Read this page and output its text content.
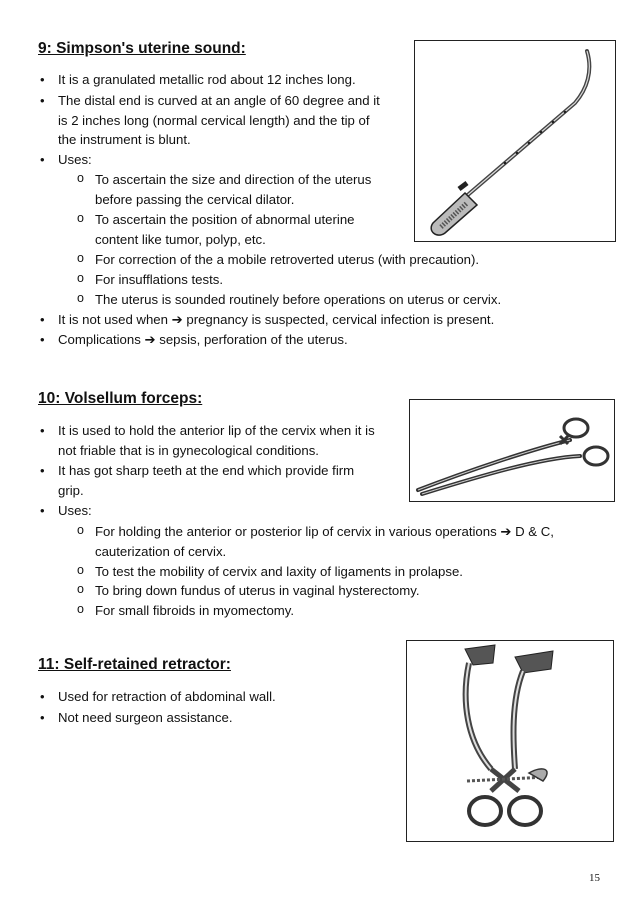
9: Simpson's uterine sound:
• It is a granulated metallic rod about 12 inches long.
• The distal end is curved at an angle of 60 degree and it
is 2 inches long (normal cervical length) and the tip of
the instrument is blunt.
• Uses:
o To ascertain the size and direction of the uterus
before passing the cervical dilator.
o To ascertain the position of abnormal uterine
content like tumor, polyp, etc.
o For correction of the a mobile retroverted uterus (with precaution).
o For insufflations tests.
o The uterus is sounded routinely before operations on uterus or cervix.
• It is not used when ➔ pregnancy is suspected, cervical infection is present.
• Complications ➔ sepsis, perforation of the uterus.
10: Volsellum forceps:
• It is used to hold the anterior lip of the cervix when it is
not friable that is in gynecological conditions.
• It has got sharp teeth at the end which provide firm
grip.
• Uses:
o For holding the anterior or posterior lip of cervix in various operations ➔ D & C,
cauterization of cervix.
o To test the mobility of cervix and laxity of ligaments in prolapse.
o To bring down fundus of uterus in vaginal hysterectomy.
o For small fibroids in myomectomy.
11: Self-retained retractor:
• Used for retraction of abdominal wall.
• Not need surgeon assistance.
15
